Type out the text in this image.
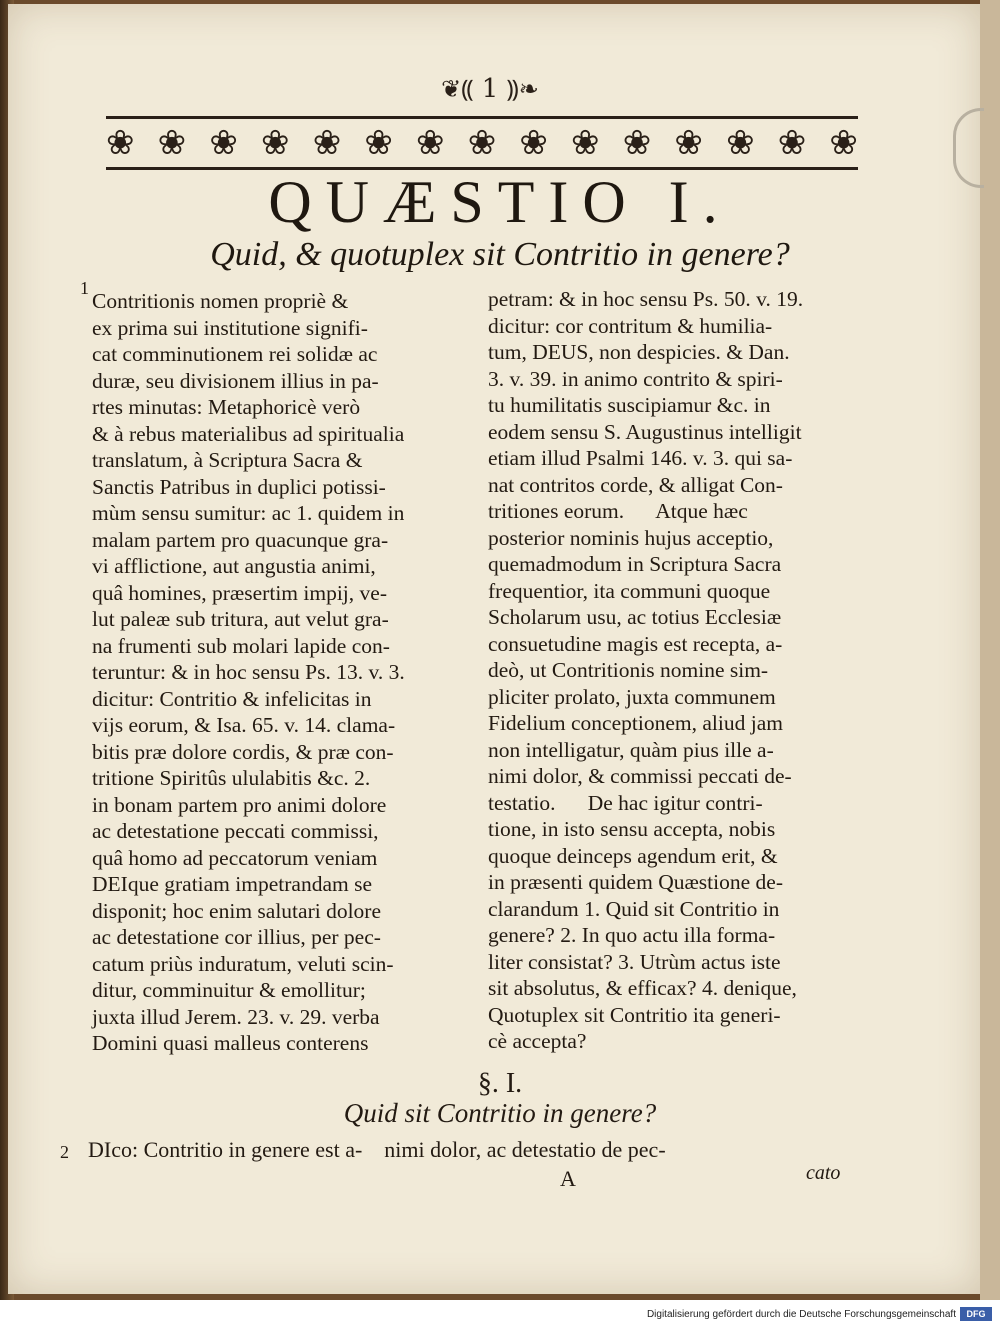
❦⸨ 1 ⸩❧
❀ ❀ ❀ ❀ ❀ ❀ ❀ ❀ ❀ ❀ ❀ ❀ ❀ ❀ ❀
QUÆSTIO I.
Quid, & quotuplex sit Contritio in genere?
1
Contritionis nomen propriè &
ex prima sui institutione signifi-
cat comminutionem rei solidæ ac
duræ, seu divisionem illius in pa-
rtes minutas: Metaphoricè verò
& à rebus materialibus ad spiritualia
translatum, à Scriptura Sacra &
Sanctis Patribus in duplici potissi-
mùm sensu sumitur: ac 1. quidem in
malam partem pro quacunque gra-
vi afflictione, aut angustia animi,
quâ homines, præsertim impij, ve-
lut paleæ sub tritura, aut velut gra-
na frumenti sub molari lapide con-
teruntur: & in hoc sensu Ps. 13. v. 3.
dicitur: Contritio & infelicitas in
vijs eorum, & Isa. 65. v. 14. clama-
bitis præ dolore cordis, & præ con-
tritione Spiritûs ululabitis &c. 2.
in bonam partem pro animi dolore
ac detestatione peccati commissi,
quâ homo ad peccatorum veniam
DEIque gratiam impetrandam se
disponit; hoc enim salutari dolore
ac detestatione cor illius, per pec-
catum priùs induratum, veluti scin-
ditur, comminuitur & emollitur;
juxta illud Jerem. 23. v. 29. verba
Domini quasi malleus conterens
petram: & in hoc sensu Ps. 50. v. 19.
dicitur: cor contritum & humilia-
tum, DEUS, non despicies. & Dan.
3. v. 39. in animo contrito & spiri-
tu humilitatis suscipiamur &c. in
eodem sensu S. Augustinus intelligit
etiam illud Psalmi 146. v. 3. qui sa-
nat contritos corde, & alligat Con-
tritiones eorum.      Atque hæc
posterior nominis hujus acceptio,
quemadmodum in Scriptura Sacra
frequentior, ita communi quoque
Scholarum usu, ac totius Ecclesiæ
consuetudine magis est recepta, a-
deò, ut Contritionis nomine sim-
pliciter prolato, juxta communem
Fidelium conceptionem, aliud jam
non intelligatur, quàm pius ille a-
nimi dolor, & commissi peccati de-
testatio.      De hac igitur contri-
tione, in isto sensu accepta, nobis
quoque deinceps agendum erit, &
in præsenti quidem Quæstione de-
clarandum 1. Quid sit Contritio in
genere? 2. In quo actu illa forma-
liter consistat? 3. Utrùm actus iste
sit absolutus, & efficax? 4. denique,
Quotuplex sit Contritio ita generi-
cè accepta?
§. I.
Quid sit Contritio in genere?
2 DIco: Contritio in genere est a-    nimi dolor, ac detestatio de pec-
A	cato
Digitalisierung gefördert durch die Deutsche Forschungsgemeinschaft	DFG
